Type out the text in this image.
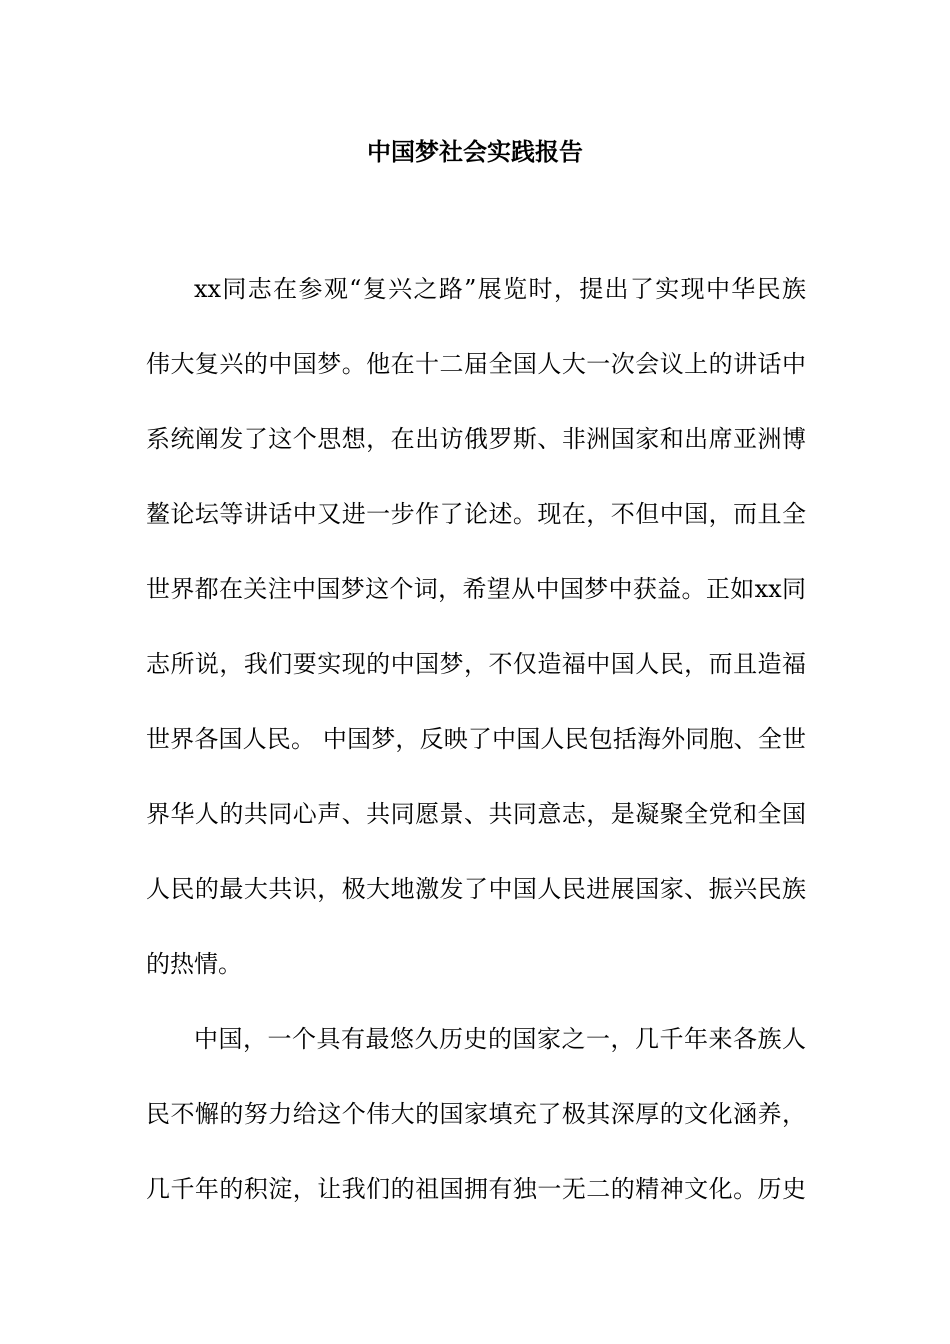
中国梦社会实践报告
xx同志在参观“复兴之路”展览时，提出了实现中华民族
伟大复兴的中国梦。他在十二届全国人大一次会议上的讲话中
系统阐发了这个思想，在出访俄罗斯、非洲国家和出席亚洲博
鳌论坛等讲话中又进一步作了论述。现在，不但中国，而且全
世界都在关注中国梦这个词，希望从中国梦中获益。正如xx同
志所说，我们要实现的中国梦，不仅造福中国人民，而且造福
世界各国人民。 中国梦，反映了中国人民包括海外同胞、全世
界华人的共同心声、共同愿景、共同意志，是凝聚全党和全国
人民的最大共识，极大地激发了中国人民进展国家、振兴民族
的热情。
中国，一个具有最悠久历史的国家之一，几千年来各族人
民不懈的努力给这个伟大的国家填充了极其深厚的文化涵养，
几千年的积淀，让我们的祖国拥有独一无二的精神文化。历史
